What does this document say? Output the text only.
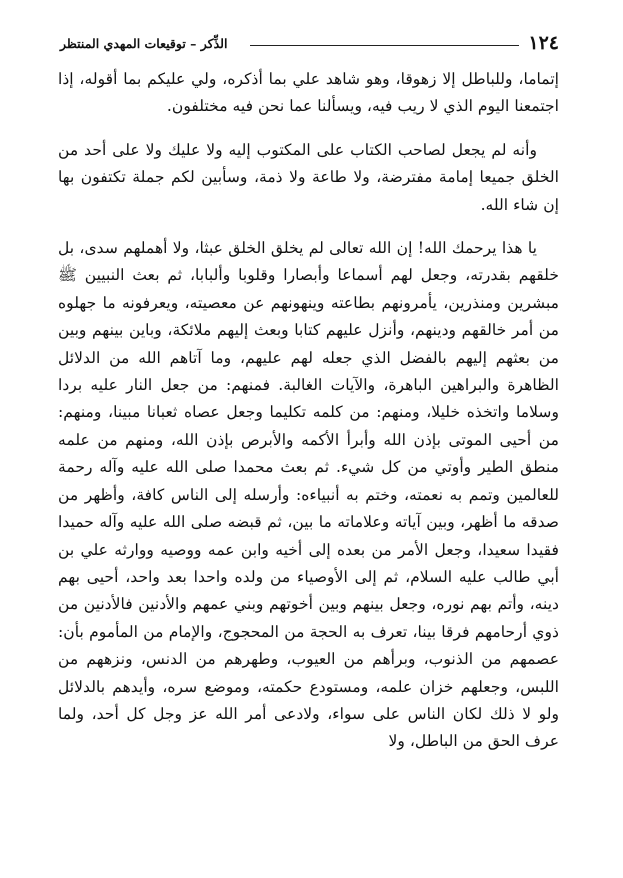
١٢٤
الذِّكر – توقيعات المهدي المنتظر

إتماما، وللباطل إلا زهوقا، وهو شاهد علي بما أذكره، ولي عليكم بما أقوله، إذا اجتمعنا اليوم الذي لا ريب فيه، ويسألنا عما نحن فيه مختلفون.

وأنه لم يجعل لصاحب الكتاب على المكتوب إليه ولا عليك ولا على أحد من الخلق جميعا إمامة مفترضة، ولا طاعة ولا ذمة، وسأبين لكم جملة تكتفون بها إن شاء الله.

يا هذا يرحمك الله! إن الله تعالى لم يخلق الخلق عبثا، ولا أهملهم سدى، بل خلقهم بقدرته، وجعل لهم أسماعا وأبصارا وقلوبا وألبابا، ثم بعث النبيين ﷺ مبشرين ومنذرين، يأمرونهم بطاعته وينهونهم عن معصيته، ويعرفونه ما جهلوه من أمر خالقهم ودينهم، وأنزل عليهم كتابا وبعث إليهم ملائكة، وباين بينهم وبين من بعثهم إليهم بالفضل الذي جعله لهم عليهم، وما آتاهم الله من الدلائل الظاهرة والبراهين الباهرة، والآيات الغالبة. فمنهم: من جعل النار عليه بردا وسلاما واتخذه خليلا، ومنهم: من كلمه تكليما وجعل عصاه ثعبانا مبينا، ومنهم: من أحيى الموتى بإذن الله وأبرأ الأكمه والأبرص بإذن الله، ومنهم من علمه منطق الطير وأوتي من كل شيء. ثم بعث محمدا صلى الله عليه وآله رحمة للعالمين وتمم به نعمته، وختم به أنبياءه: وأرسله إلى الناس كافة، وأظهر من صدقه ما أظهر، وبين آياته وعلاماته ما بين، ثم قبضه صلى الله عليه وآله حميدا فقيدا سعيدا، وجعل الأمر من بعده إلى أخيه وابن عمه ووصيه ووارثه علي بن أبي طالب عليه السلام، ثم إلى الأوصياء من ولده واحدا بعد واحد، أحيى بهم دينه، وأتم بهم نوره، وجعل بينهم وبين أخوتهم وبني عمهم والأدنين فالأدنين من ذوي أرحامهم فرقا بينا، تعرف به الحجة من المحجوج، والإمام من المأموم بأن: عصمهم من الذنوب، وبرأهم من العيوب، وطهرهم من الدنس، ونزههم من اللبس، وجعلهم خزان علمه، ومستودع حكمته، وموضع سره، وأيدهم بالدلائل ولو لا ذلك لكان الناس على سواء، ولادعى أمر الله عز وجل كل أحد، ولما عرف الحق من الباطل، ولا
